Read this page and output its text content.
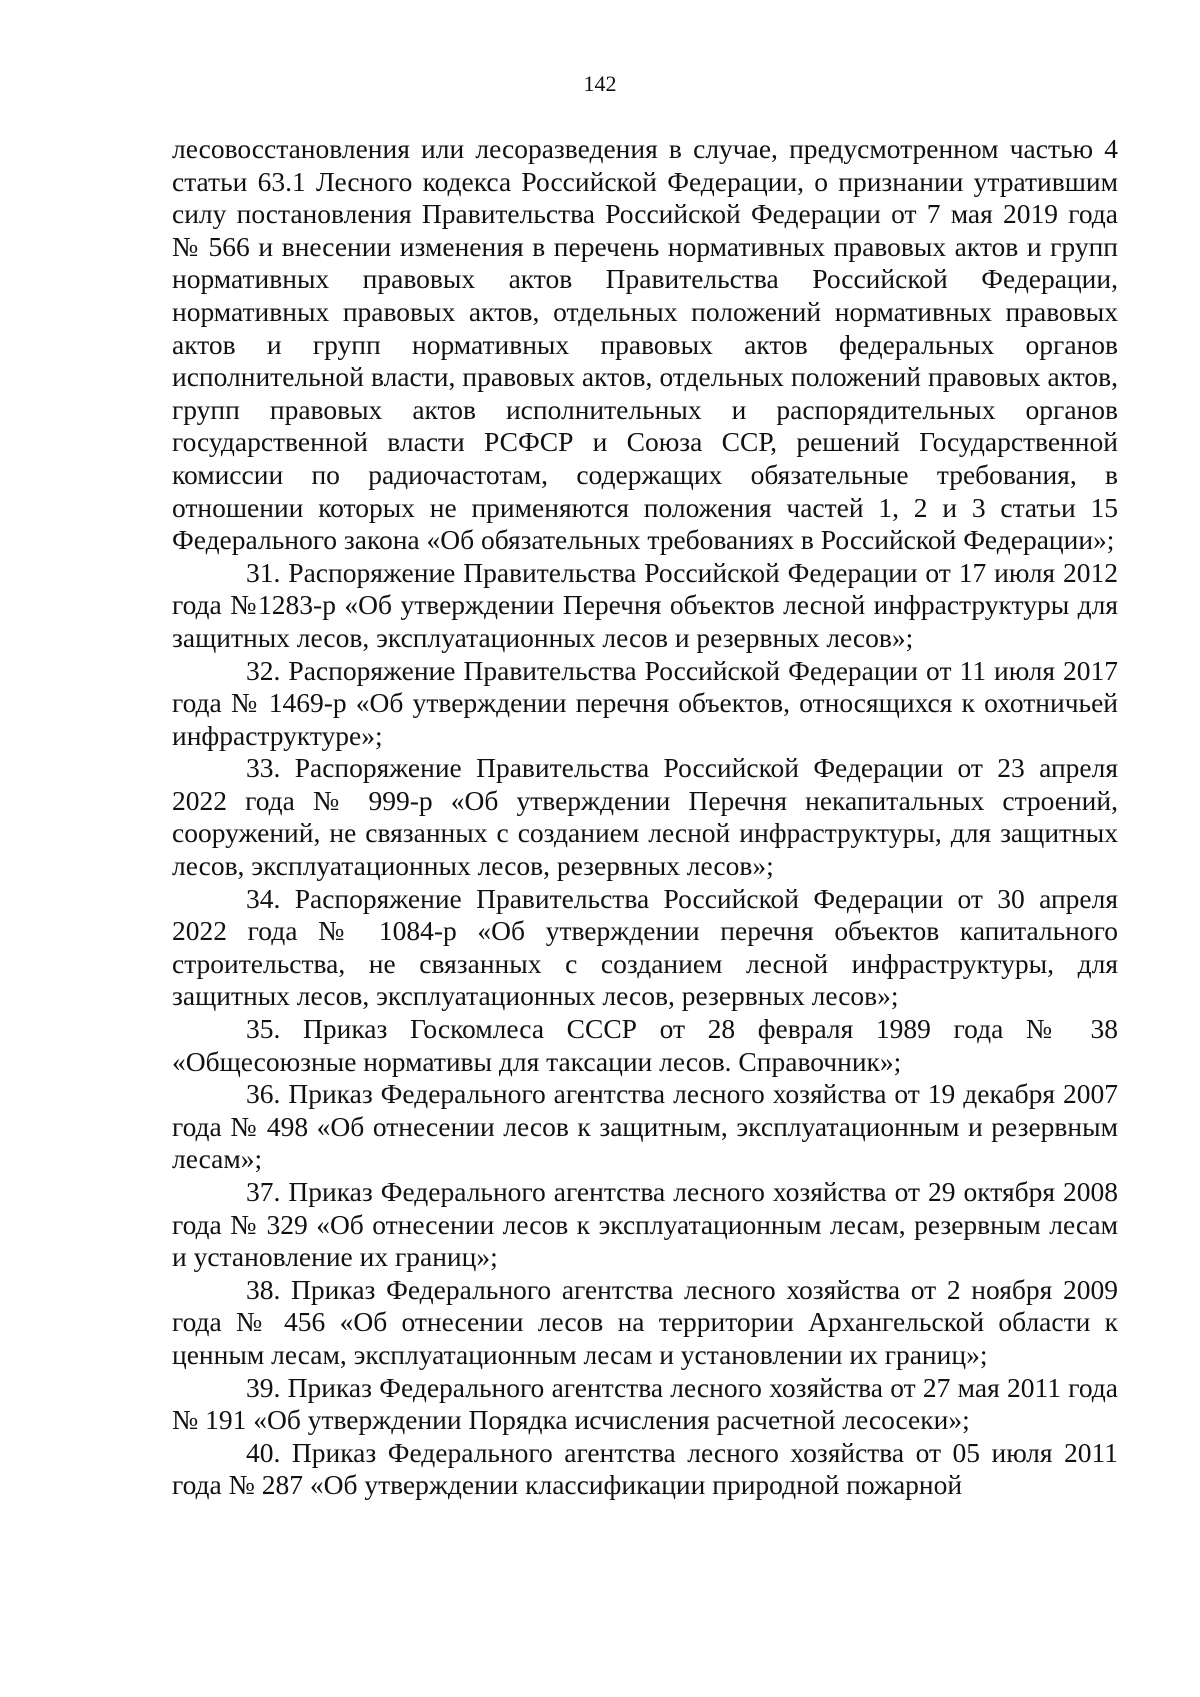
142

лесовосстановления или лесоразведения в случае, предусмотренном частью 4 статьи 63.1 Лесного кодекса Российской Федерации, о признании утратившим силу постановления Правительства Российской Федерации от 7 мая 2019 года № 566 и внесении изменения в перечень нормативных правовых актов и групп нормативных правовых актов Правительства Российской Федерации, нормативных правовых актов, отдельных положений нормативных правовых актов и групп нормативных правовых актов федеральных органов исполнительной власти, правовых актов, отдельных положений правовых актов, групп правовых актов исполнительных и распорядительных органов государственной власти РСФСР и Союза ССР, решений Государственной комиссии по радиочастотам, содержащих обязательные требования, в отношении которых не применяются положения частей 1, 2 и 3 статьи 15 Федерального закона «Об обязательных требованиях в Российской Федерации»;

31. Распоряжение Правительства Российской Федерации от 17 июля 2012 года №1283-р «Об утверждении Перечня объектов лесной инфраструктуры для защитных лесов, эксплуатационных лесов и резервных лесов»;

32. Распоряжение Правительства Российской Федерации от 11 июля 2017 года № 1469-р «Об утверждении перечня объектов, относящихся к охотничьей инфраструктуре»;

33. Распоряжение Правительства Российской Федерации от 23 апреля 2022 года № 999-р «Об утверждении Перечня некапитальных строений, сооружений, не связанных с созданием лесной инфраструктуры, для защитных лесов, эксплуатационных лесов, резервных лесов»;

34. Распоряжение Правительства Российской Федерации от 30 апреля 2022 года № 1084-р «Об утверждении перечня объектов капитального строительства, не связанных с созданием лесной инфраструктуры, для защитных лесов, эксплуатационных лесов, резервных лесов»;

35. Приказ Госкомлеса СССР от 28 февраля 1989 года № 38 «Общесоюзные нормативы для таксации лесов. Справочник»;

36. Приказ Федерального агентства лесного хозяйства от 19 декабря 2007 года № 498 «Об отнесении лесов к защитным, эксплуатационным и резервным лесам»;

37. Приказ Федерального агентства лесного хозяйства от 29 октября 2008 года № 329 «Об отнесении лесов к эксплуатационным лесам, резервным лесам и установление их границ»;

38. Приказ Федерального агентства лесного хозяйства от 2 ноября 2009 года № 456 «Об отнесении лесов на территории Архангельской области к ценным лесам, эксплуатационным лесам и установлении их границ»;

39. Приказ Федерального агентства лесного хозяйства от 27 мая 2011 года № 191 «Об утверждении Порядка исчисления расчетной лесосеки»;

40. Приказ Федерального агентства лесного хозяйства от 05 июля 2011 года № 287 «Об утверждении классификации природной пожарной
